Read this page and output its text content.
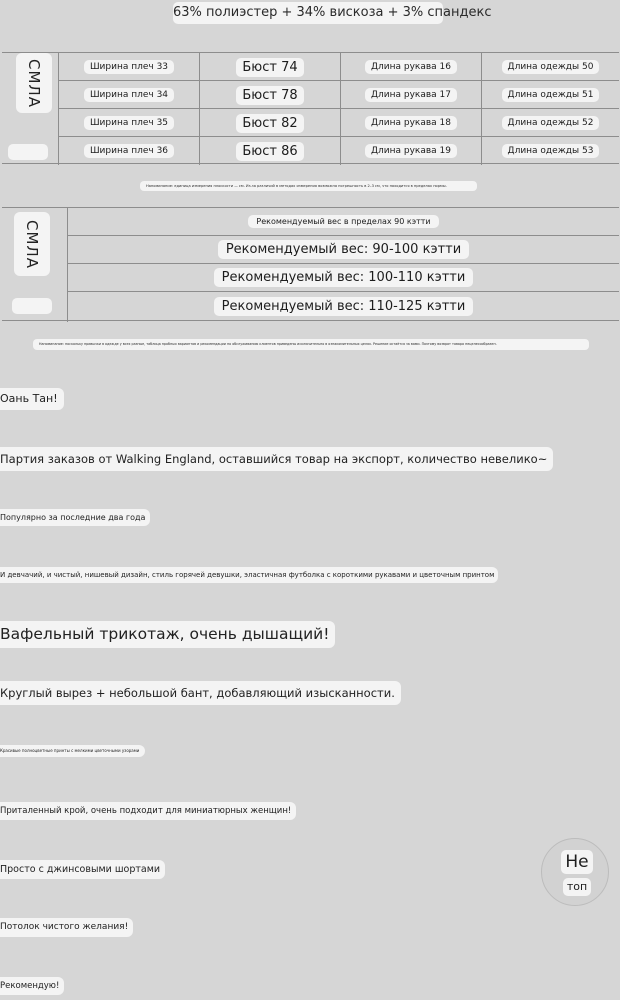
63% полиэстер + 34% вискоза + 3% спандекс
СМЛА	Ширина плеч 33	Бюст 74	Длина рукава 16	Длина одежды 50
Ширина плеч 34	Бюст 78	Длина рукава 17	Длина одежды 51
Ширина плеч 35	Бюст 82	Длина рукава 18	Длина одежды 52
Ширина плеч 36	Бюст 86	Длина рукава 19	Длина одежды 53
Напоминание: единица измерения плоскости — см. Из-за различий в методах измерения возможна погрешность в 2–3 см, что находится в пределах нормы.
СМЛА	Рекомендуемый вес в пределах 90 кэтти
Рекомендуемый вес: 90-100 кэтти
Рекомендуемый вес: 100-110 кэтти
Рекомендуемый вес: 110-125 кэтти
Напоминание: поскольку привычки в одежде у всех разные, таблица пробных вариантов и рекомендации по обслуживанию клиентов приведены исключительно в ознакомительных целях. Решение остаётся за вами. Поэтому возврат товара нецелесообразен.
Оань Тан!
Партия заказов от Walking England, оставшийся товар на экспорт, количество невелико~
Популярно за последние два года
И девчачий, и чистый, нишевый дизайн, стиль горячей девушки, эластичная футболка с короткими рукавами и цветочным принтом
Вафельный трикотаж, очень дышащий!
Круглый вырез + небольшой бант, добавляющий изысканности.
Красивые полноцветные принты с мелкими цветочными узорами
Приталенный крой, очень подходит для миниатюрных женщин!
Просто с джинсовыми шортами
Потолок чистого желания!
Рекомендую!
Не
топ
